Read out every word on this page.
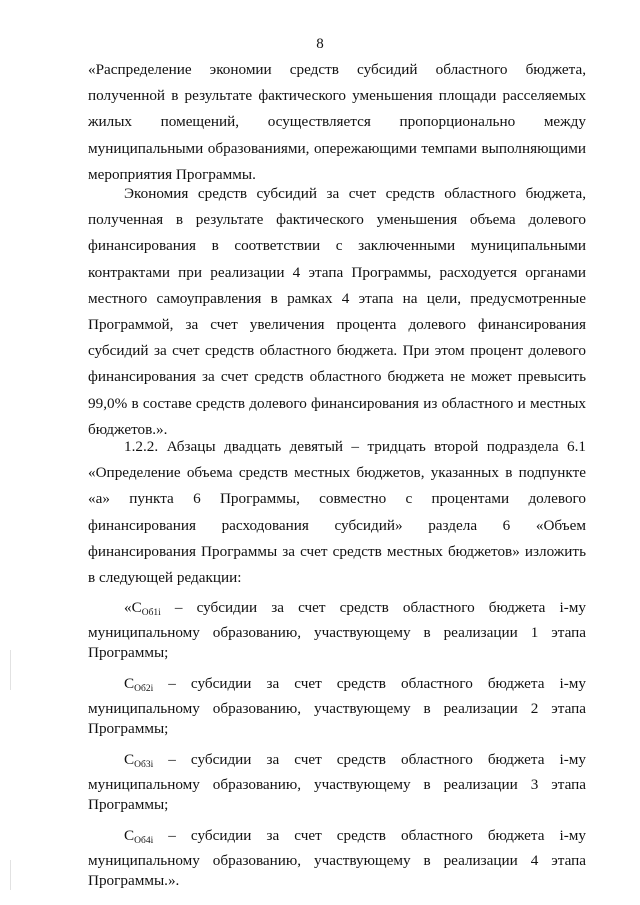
8

«Распределение экономии средств субсидий областного бюджета, полученной в результате фактического уменьшения площади расселяемых жилых помещений, осуществляется пропорционально между муниципальными образованиями, опережающими темпами выполняющими мероприятия Программы.

Экономия средств субсидий за счет средств областного бюджета, полученная в результате фактического уменьшения объема долевого финансирования в соответствии с заключенными муниципальными контрактами при реализации 4 этапа Программы, расходуется органами местного самоуправления в рамках 4 этапа на цели, предусмотренные Программой, за счет увеличения процента долевого финансирования субсидий за счет средств областного бюджета. При этом процент долевого финансирования за счет средств областного бюджета не может превысить 99,0% в составе средств долевого финансирования из областного и местных бюджетов.».

1.2.2. Абзацы двадцать девятый – тридцать второй подраздела 6.1 «Определение объема средств местных бюджетов, указанных в подпункте «а» пункта 6 Программы, совместно с процентами долевого финансирования расходования субсидий» раздела 6 «Объем финансирования Программы за счет средств местных бюджетов» изложить в следующей редакции:

«$С_{Об1i}$ – субсидии за счет средств областного бюджета i-му муниципальному образованию, участвующему в реализации 1 этапа Программы;

$С_{Об2i}$ – субсидии за счет средств областного бюджета i-му муниципальному образованию, участвующему в реализации 2 этапа Программы;

$С_{Об3i}$ – субсидии за счет средств областного бюджета i-му муниципальному образованию, участвующему в реализации 3 этапа Программы;

$С_{Об4i}$ – субсидии за счет средств областного бюджета i-му муниципальному образованию, участвующему в реализации 4 этапа Программы.».
